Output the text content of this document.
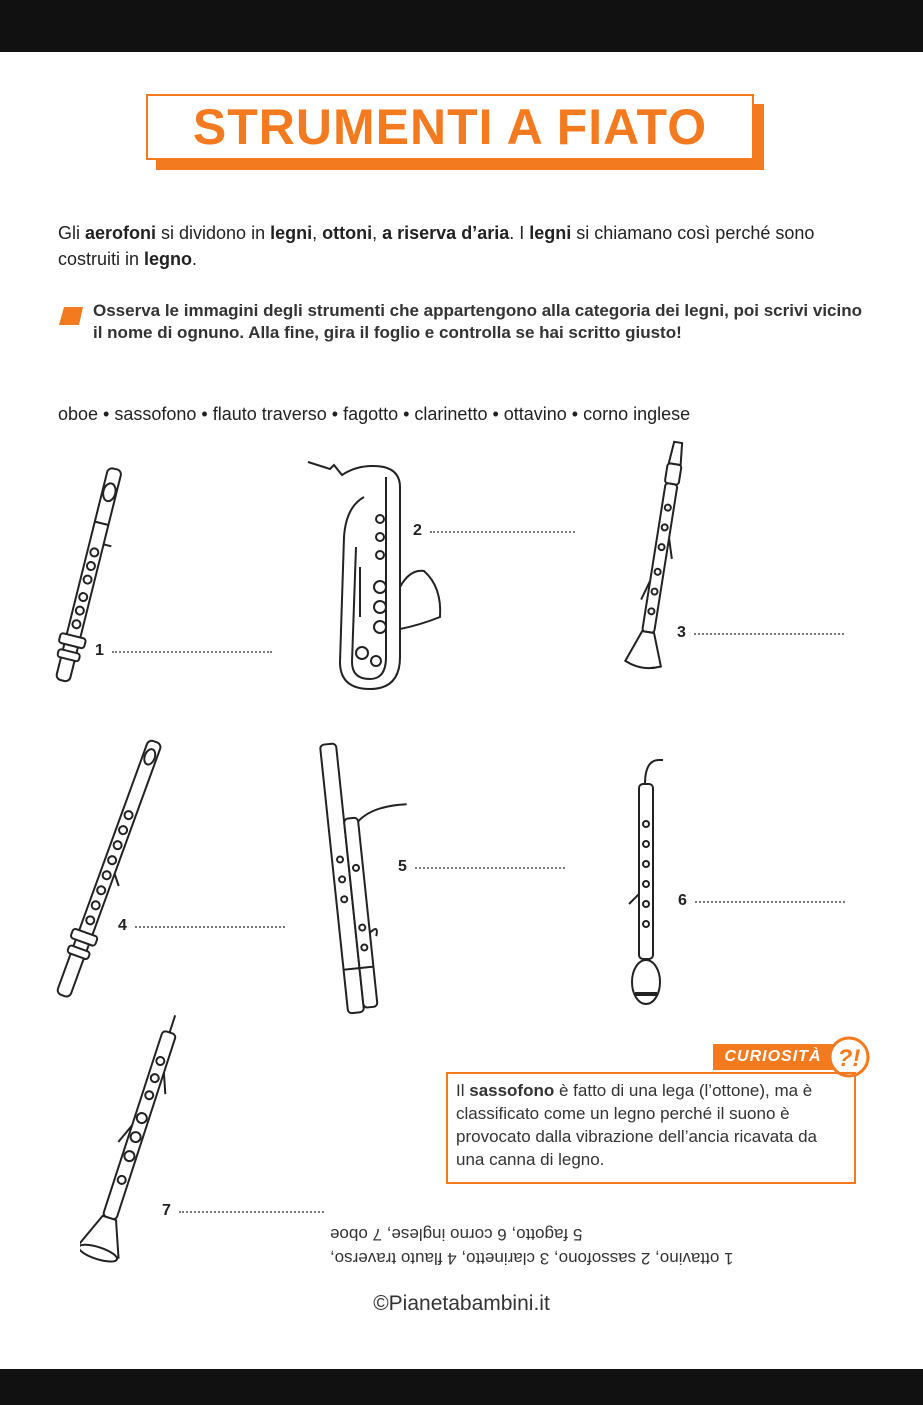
STRUMENTI A FIATO
Gli aerofoni si dividono in legni, ottoni, a riserva d’aria. I legni si chiamano così perché sono costruiti in legno.
Osserva le immagini degli strumenti che appartengono alla categoria dei legni, poi scrivi vicino il nome di ognuno. Alla fine, gira il foglio e controlla se hai scritto giusto!
oboe • sassofono • flauto traverso • fagotto • clarinetto • ottavino • corno inglese
1
2
3
4
5
6
7
CURIOSITÀ ?!
Il sassofono è fatto di una lega (l’ottone), ma è classificato come un legno perché il suono è provocato dalla vibrazione dell’ancia ricavata da una canna di legno.
1 ottavino, 2 sassofono, 3 clarinetto, 4 flauto traverso,
5 fagotto, 6 corno inglese, 7 oboe
©Pianetabambini.it
